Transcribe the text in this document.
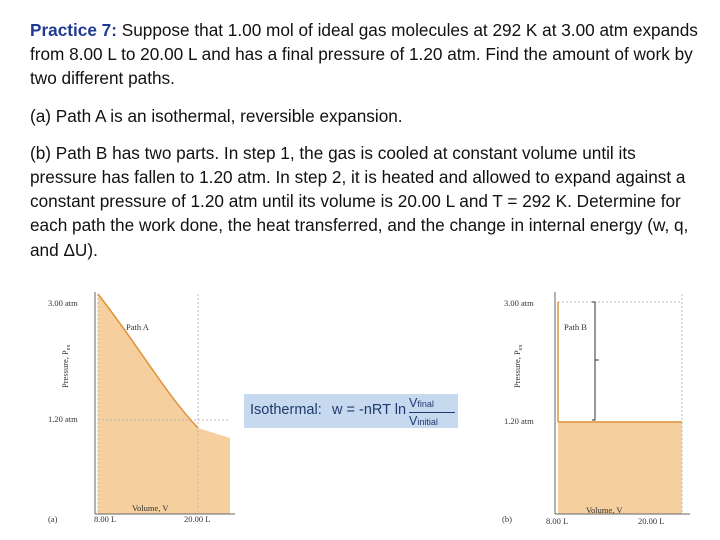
Practice 7: Suppose that 1.00 mol of ideal gas molecules at 292 K at 3.00 atm expands from 8.00 L to 20.00 L and has a final pressure of 1.20 atm. Find the amount of work by two different paths.

(a) Path A is an isothermal, reversible expansion.

(b) Path B has two parts. In step 1, the gas is cooled at constant volume until its pressure has fallen to 1.20 atm. In step 2, it is heated and allowed to expand against a constant pressure of 1.20 atm until its volume is 20.00 L and T = 292 K. Determine for each path the work done, the heat transferred, and the change in internal energy (w, q, and ΔU).

3.00 atm
1.20 atm
8.00 L	20.00 L
Volume, V
(a)
Path A
Pressure, $P_{ex}$
Isothermal: w = -nRT ln Vfinal
Vinitial
3.00 atm
1.20 atm
8.00 L	20.00 L
Volume, V
(b)
Path B
Pressure, $P_{ex}$
